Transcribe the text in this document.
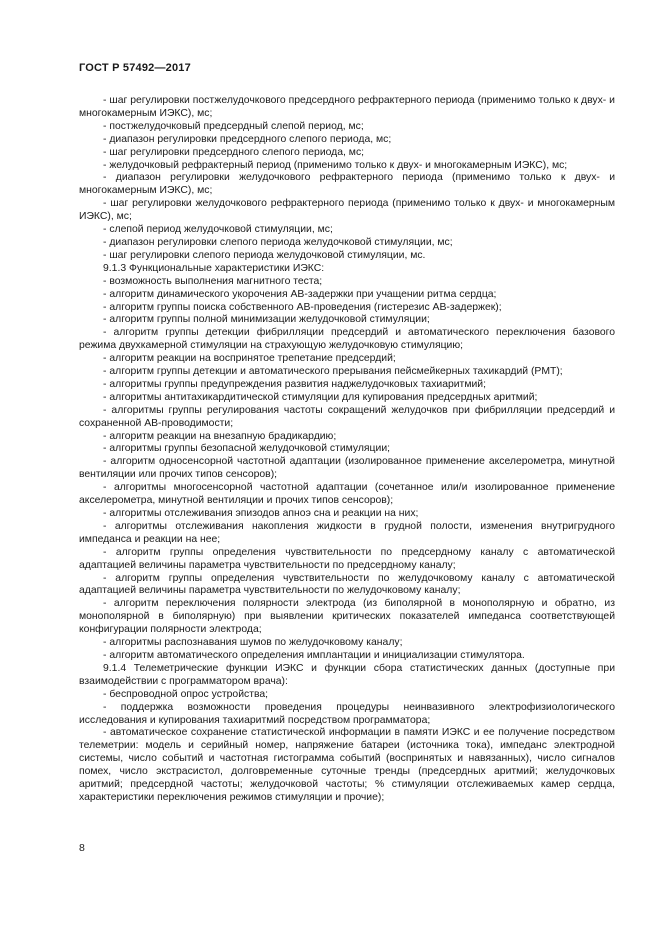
ГОСТ Р 57492—2017

- шаг регулировки постжелудочкового предсердного рефрактерного периода (применимо только к двух- и многокамерным ИЭКС), мс;

- постжелудочковый предсердный слепой период, мс;

- диапазон регулировки предсердного слепого периода, мс;

- шаг регулировки предсердного слепого периода, мс;

- желудочковый рефрактерный период (применимо только к двух- и многокамерным ИЭКС), мс;

- диапазон регулировки желудочкового рефрактерного периода (применимо только к двух- и многокамерным ИЭКС), мс;

- шаг регулировки желудочкового рефрактерного периода (применимо только к двух- и многокамерным ИЭКС), мс;

- слепой период желудочковой стимуляции, мс;

- диапазон регулировки слепого периода желудочковой стимуляции, мс;

- шаг регулировки слепого периода желудочковой стимуляции, мс.

9.1.3 Функциональные характеристики ИЭКС:

- возможность выполнения магнитного теста;

- алгоритм динамического укорочения АВ-задержки при учащении ритма сердца;

- алгоритм группы поиска собственного АВ-проведения (гистерезис АВ-задержек);

- алгоритм группы полной минимизации желудочковой стимуляции;

- алгоритм группы детекции фибрилляции предсердий и автоматического переключения базового режима двухкамерной стимуляции на страхующую желудочковую стимуляцию;

- алгоритм реакции на воспринятое трепетание предсердий;

- алгоритм группы детекции и автоматического прерывания пейсмейкерных тахикардий (PMT);

- алгоритмы группы предупреждения развития наджелудочковых тахиаритмий;

- алгоритмы антитахикардитической стимуляции для купирования предсердных аритмий;

- алгоритмы группы регулирования частоты сокращений желудочков при фибрилляции предсердий и сохраненной АВ-проводимости;

- алгоритм реакции на внезапную брадикардию;

- алгоритмы группы безопасной желудочковой стимуляции;

- алгоритм односенсорной частотной адаптации (изолированное применение акселерометра, минутной вентиляции или прочих типов сенсоров);

- алгоритмы многосенсорной частотной адаптации (сочетанное или/и изолированное применение акселерометра, минутной вентиляции и прочих типов сенсоров);

- алгоритмы отслеживания эпизодов апноэ сна и реакции на них;

- алгоритмы отслеживания накопления жидкости в грудной полости, изменения внутригрудного импеданса и реакции на нее;

- алгоритм группы определения чувствительности по предсердному каналу с автоматической адаптацией величины параметра чувствительности по предсердному каналу;

- алгоритм группы определения чувствительности по желудочковому каналу с автоматической адаптацией величины параметра чувствительности по желудочковому каналу;

- алгоритм переключения полярности электрода (из биполярной в монополярную и обратно, из монополярной в биполярную) при выявлении критических показателей импеданса соответствующей конфигурации полярности электрода;

- алгоритмы распознавания шумов по желудочковому каналу;

- алгоритм автоматического определения имплантации и инициализации стимулятора.

9.1.4 Телеметрические функции ИЭКС и функции сбора статистических данных (доступные при взаимодействии с программатором врача):

- беспроводной опрос устройства;

- поддержка возможности проведения процедуры неинвазивного электрофизиологического исследования и купирования тахиаритмий посредством программатора;

- автоматическое сохранение статистической информации в памяти ИЭКС и ее получение посредством телеметрии: модель и серийный номер, напряжение батареи (источника тока), импеданс электродной системы, число событий и частотная гистограмма событий (воспринятых и навязанных), число сигналов помех, число экстрасистол, долговременные суточные тренды (предсердных аритмий; желудочковых аритмий; предсердной частоты; желудочковой частоты; % стимуляции отслеживаемых камер сердца, характеристики переключения режимов стимуляции и прочие);

8
